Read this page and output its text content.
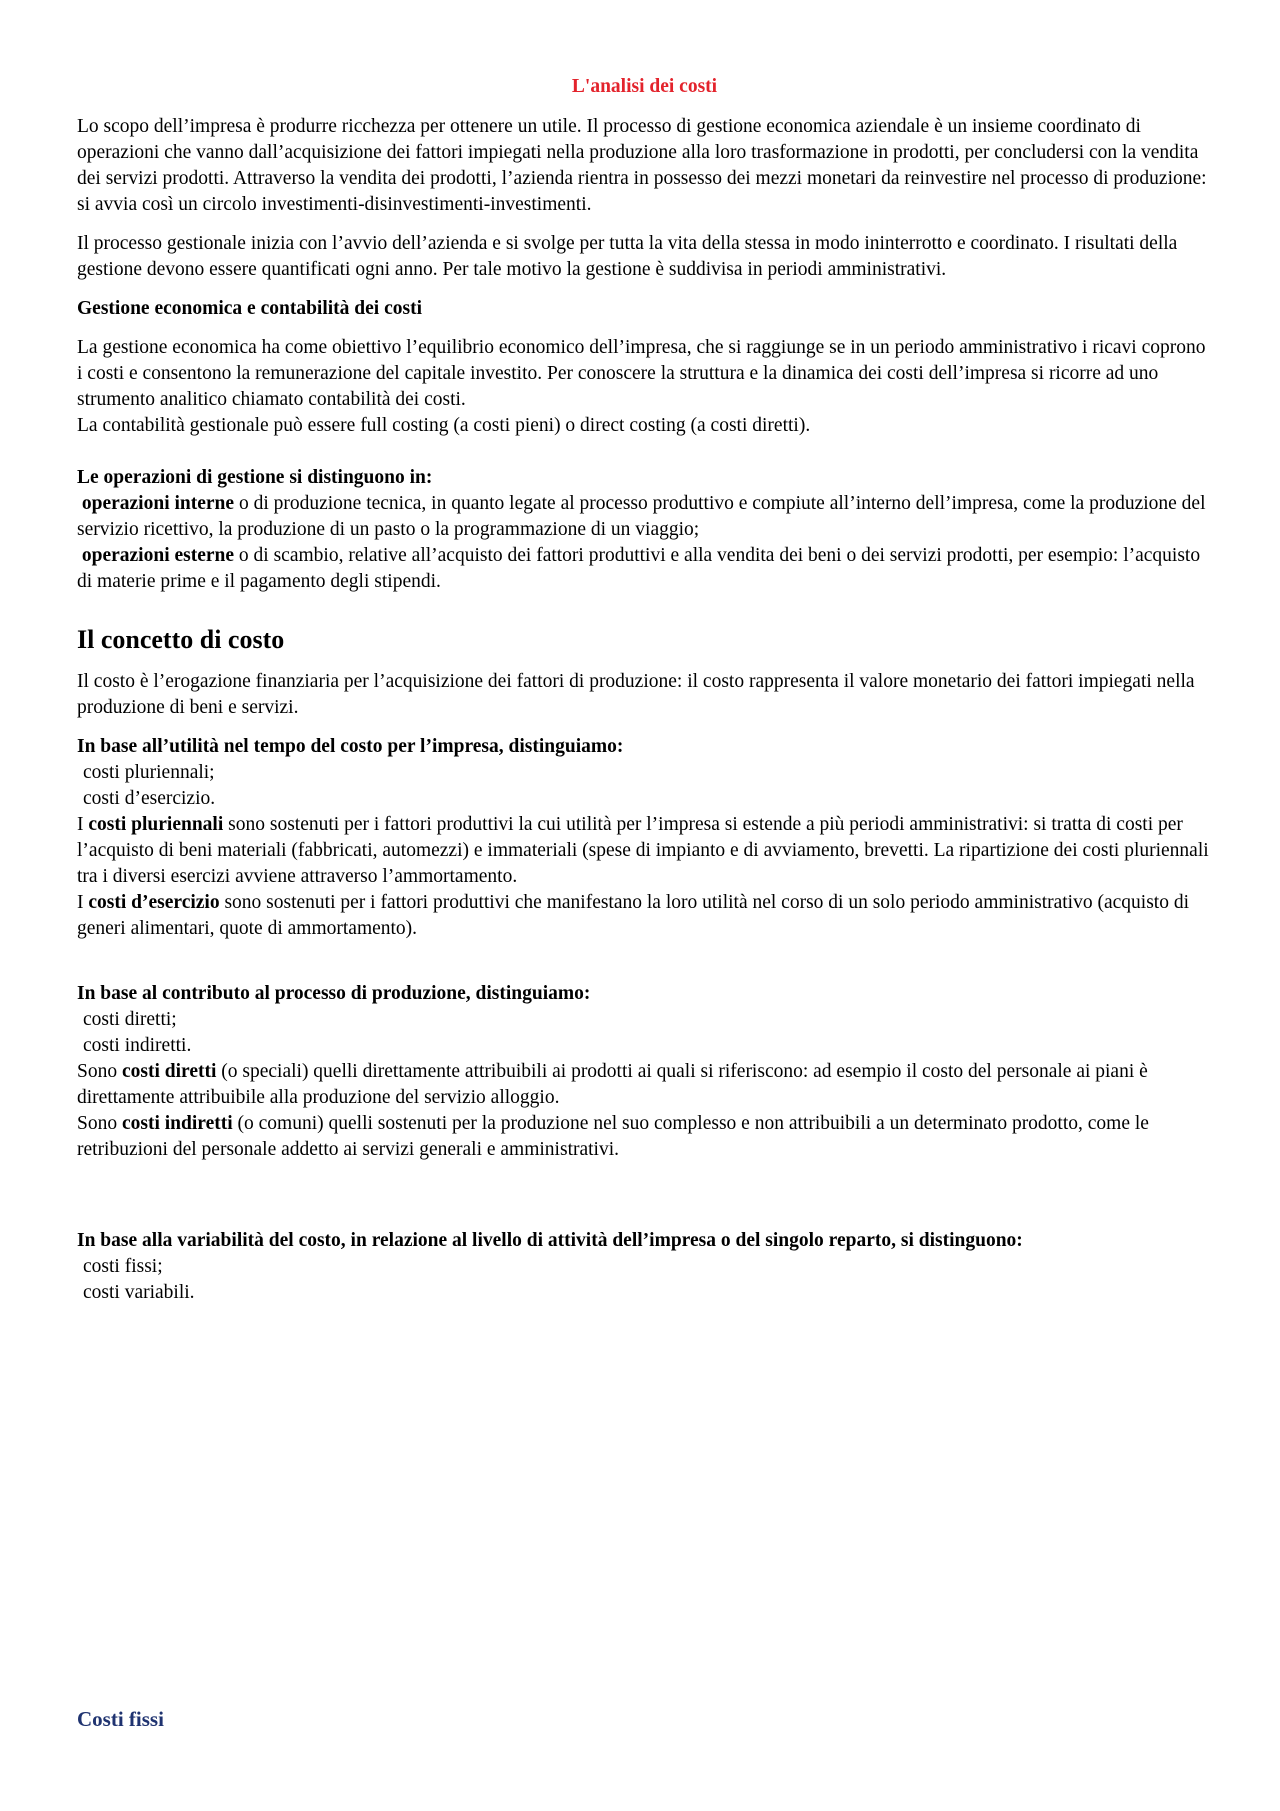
L'analisi dei costi

Lo scopo dell’impresa è produrre ricchezza per ottenere un utile. Il processo di gestione economica aziendale è un insieme coordinato di operazioni che vanno dall’acquisizione dei fattori impiegati nella produzione alla loro trasformazione in prodotti, per concludersi con la vendita dei servizi prodotti. Attraverso la vendita dei prodotti, l’azienda rientra in possesso dei mezzi monetari da reinvestire nel processo di produzione: si avvia così un circolo investimenti-disinvestimenti-investimenti.

Il processo gestionale inizia con l’avvio dell’azienda e si svolge per tutta la vita della stessa in modo ininterrotto e coordinato. I risultati della gestione devono essere quantificati ogni anno. Per tale motivo la gestione è suddivisa in periodi amministrativi.

Gestione economica e contabilità dei costi

La gestione economica ha come obiettivo l’equilibrio economico dell’impresa, che si raggiunge se in un periodo amministrativo i ricavi coprono i costi e consentono la remunerazione del capitale investito. Per conoscere la struttura e la dinamica dei costi dell’impresa si ricorre ad uno strumento analitico chiamato contabilità dei costi.

La contabilità gestionale può essere full costing (a costi pieni) o direct costing (a costi diretti).

Le operazioni di gestione si distinguono in:

operazioni interne o di produzione tecnica, in quanto legate al processo produttivo e compiute all’interno dell’impresa, come la produzione del servizio ricettivo, la produzione di un pasto o la programmazione di un viaggio;

operazioni esterne o di scambio, relative all’acquisto dei fattori produttivi e alla vendita dei beni o dei servizi prodotti, per esempio: l’acquisto di materie prime e il pagamento degli stipendi.

Il concetto di costo

Il costo è l’erogazione finanziaria per l’acquisizione dei fattori di produzione: il costo rappresenta il valore monetario dei fattori impiegati nella produzione di beni e servizi.

In base all’utilità nel tempo del costo per l’impresa, distinguiamo:

costi pluriennali;

costi d’esercizio.

I costi pluriennali sono sostenuti per i fattori produttivi la cui utilità per l’impresa si estende a più periodi amministrativi: si tratta di costi per l’acquisto di beni materiali (fabbricati, automezzi) e immateriali (spese di impianto e di avviamento, brevetti. La ripartizione dei costi pluriennali tra i diversi esercizi avviene attraverso l’ammortamento.

I costi d’esercizio sono sostenuti per i fattori produttivi che manifestano la loro utilità nel corso di un solo periodo amministrativo (acquisto di generi alimentari, quote di ammortamento).

In base al contributo al processo di produzione, distinguiamo:

costi diretti;

costi indiretti.

Sono costi diretti (o speciali) quelli direttamente attribuibili ai prodotti ai quali si riferiscono: ad esempio il costo del personale ai piani è direttamente attribuibile alla produzione del servizio alloggio.

Sono costi indiretti (o comuni) quelli sostenuti per la produzione nel suo complesso e non attribuibili a un determinato prodotto, come le retribuzioni del personale addetto ai servizi generali e amministrativi.

In base alla variabilità del costo, in relazione al livello di attività dell’impresa o del singolo reparto, si distinguono:

costi fissi;

costi variabili.

Costi fissi
